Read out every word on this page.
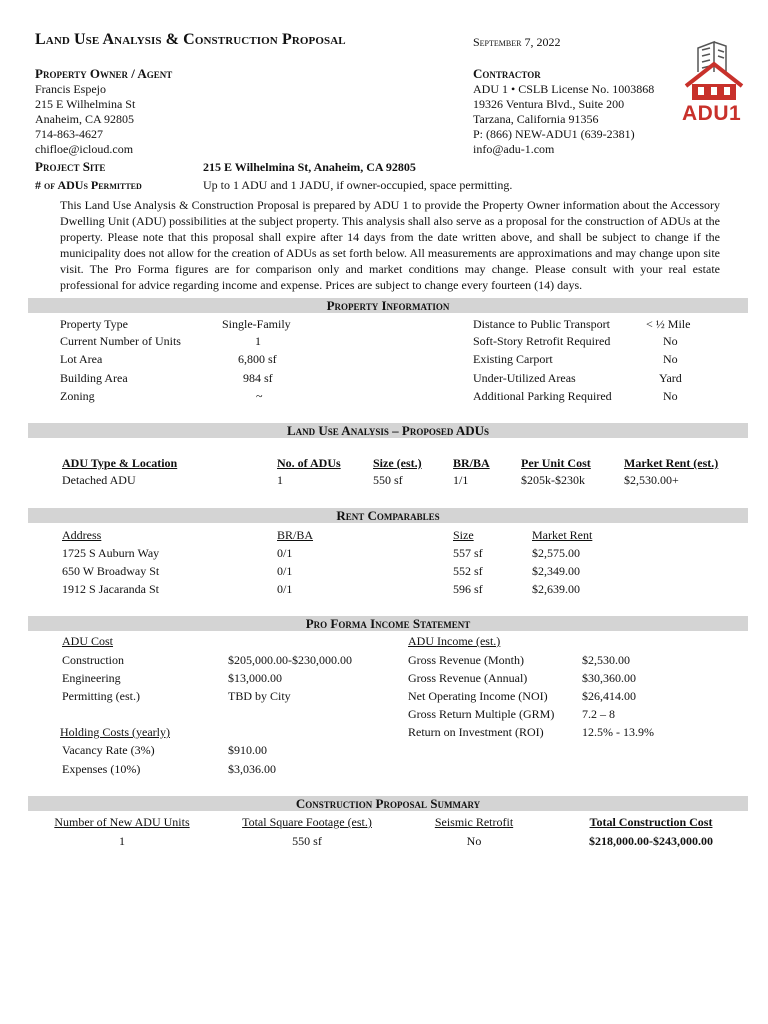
Land Use Analysis & Construction Proposal	September 7, 2022
Property Owner / Agent
Francis Espejo
215 E Wilhelmina St
Anaheim, CA 92805
714-863-4627
chifloe@icloud.com
Contractor
ADU 1 • CSLB License No. 1003868
19326 Ventura Blvd., Suite 200
Tarzana, California 91356
P: (866) NEW-ADU1 (639-2381)
info@adu-1.com
ADU1
Project Site	215 E Wilhelmina St, Anaheim, CA 92805
# of ADUs Permitted	Up to 1 ADU and 1 JADU, if owner-occupied, space permitting.
This Land Use Analysis & Construction Proposal is prepared by ADU 1 to provide the Property Owner information about the Accessory Dwelling Unit (ADU) possibilities at the subject property. This analysis shall also serve as a proposal for the construction of ADUs at the property. Please note that this proposal shall expire after 14 days from the date written above, and shall be subject to change if the municipality does not allow for the creation of ADUs as set forth below. All measurements are approximations and may change upon site visit. The Pro Forma figures are for comparison only and market conditions may change. Please consult with your real estate professional for advice regarding income and expense. Prices are subject to change every fourteen (14) days.
Property Information
Property Type	Single-Family
Current Number of Units	1
Lot Area	6,800 sf
Building Area	984 sf
Zoning	~
Distance to Public Transport	< ½ Mile
Soft-Story Retrofit Required	No
Existing Carport	No
Under-Utilized Areas	Yard
Additional Parking Required	No
Land Use Analysis – Proposed ADUs
ADU Type & Location	No. of ADUs	Size (est.)	BR/BA	Per Unit Cost	Market Rent (est.)
Detached ADU	1	550 sf	1/1	$205k-$230k	$2,530.00+
Rent Comparables
Address	BR/BA	Size	Market Rent
1725 S Auburn Way	0/1	557 sf	$2,575.00
650 W Broadway St	0/1	552 sf	$2,349.00
1912 S Jacaranda St	0/1	596 sf	$2,639.00
Pro Forma Income Statement
ADU Cost
Construction	$205,000.00-$230,000.00
Engineering	$13,000.00
Permitting (est.)	TBD by City
Holding Costs (yearly)
Vacancy Rate (3%)	$910.00
Expenses (10%)	$3,036.00
ADU Income (est.)
Gross Revenue (Month)	$2,530.00
Gross Revenue (Annual)	$30,360.00
Net Operating Income (NOI)	$26,414.00
Gross Return Multiple (GRM) 7.2 – 8
Return on Investment (ROI)	12.5% - 13.9%
Construction Proposal Summary
Number of New ADU Units	Total Square Footage (est.)	Seismic Retrofit	Total Construction Cost
1	550 sf	No	$218,000.00-$243,000.00
